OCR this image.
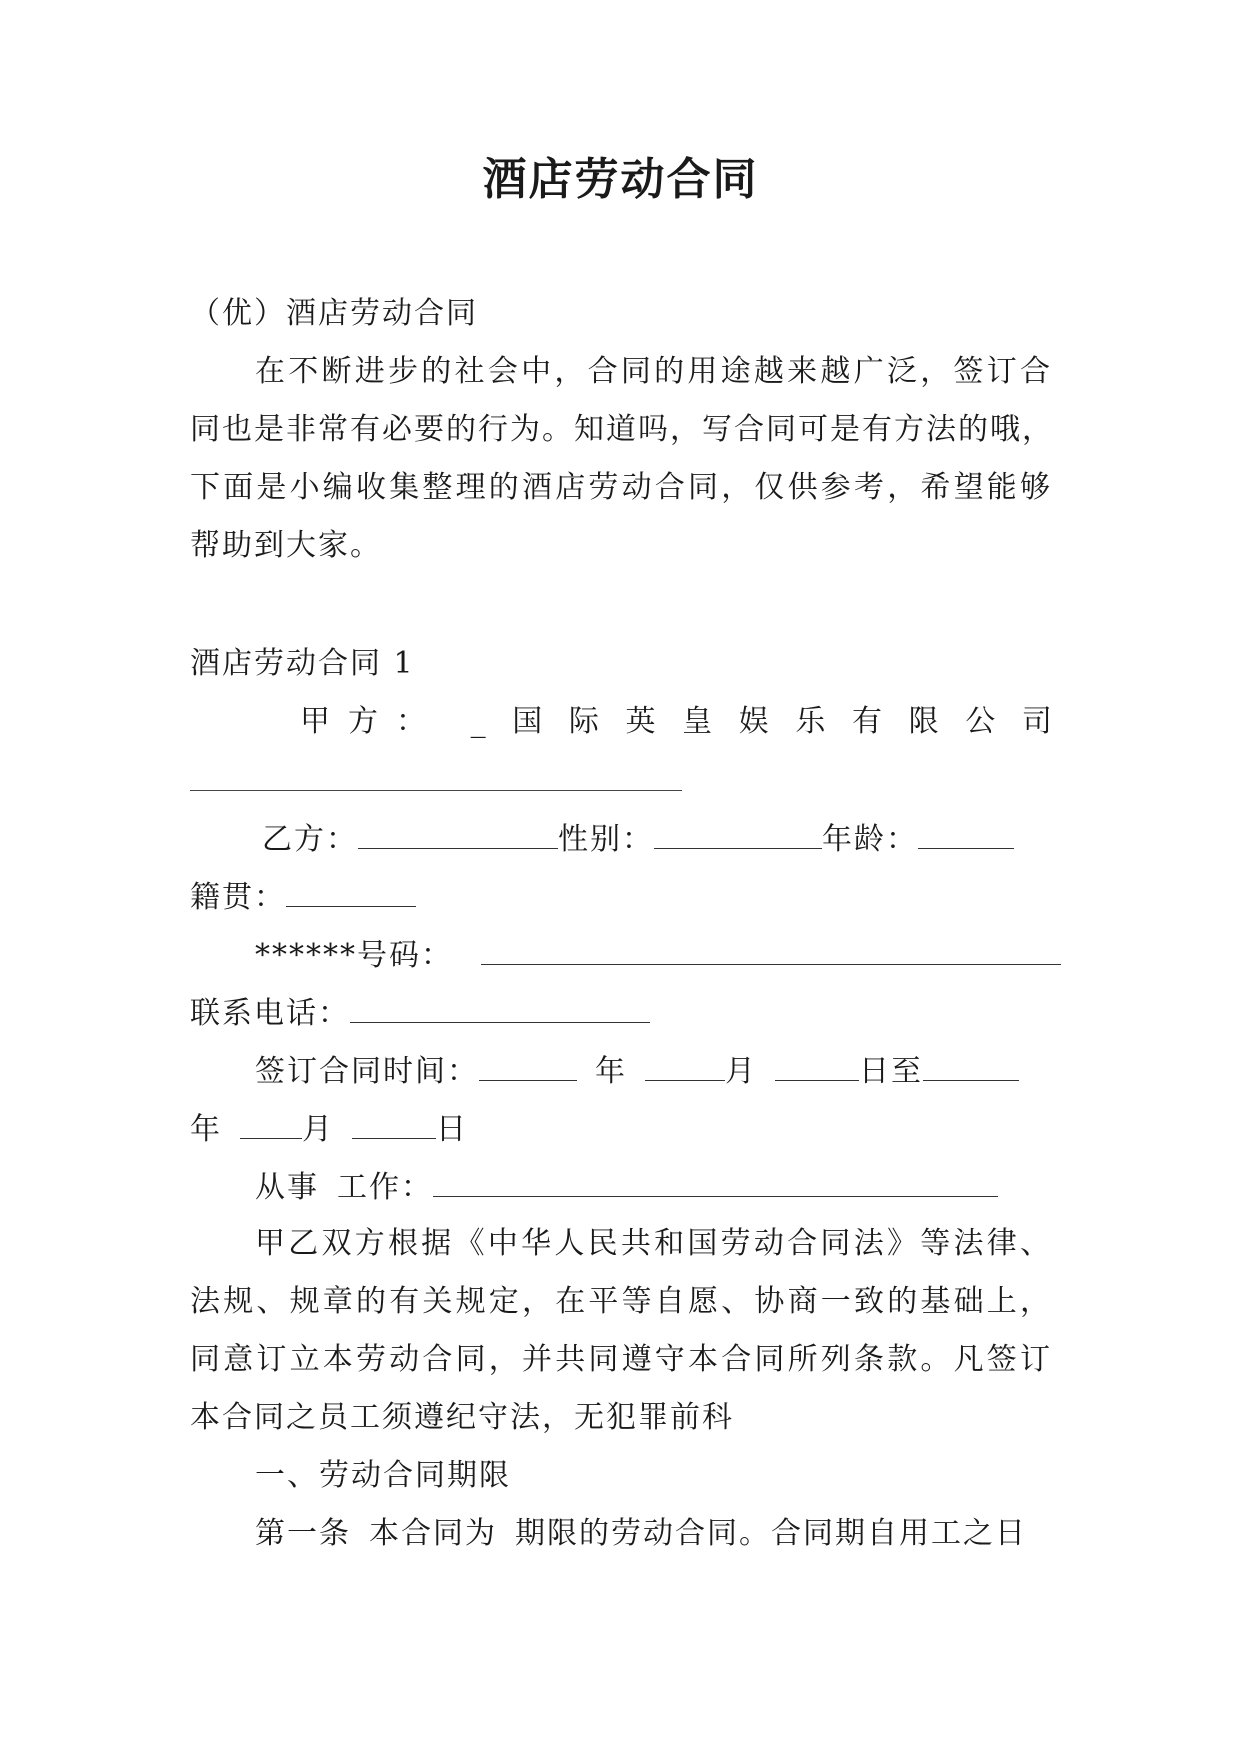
酒店劳动合同
（优）酒店劳动合同
在不断进步的社会中，合同的用途越来越广泛，签订合
同也是非常有必要的行为。知道吗，写合同可是有方法的哦，
下面是小编收集整理的酒店劳动合同，仅供参考，希望能够
帮助到大家。
酒店劳动合同 1
甲方： _ 国 际 英 皇 娱 乐 有 限 公 司
乙方：	性别：	年龄：
籍贯：
******号码：
联系电话：
签订合同时间：	年	月	日至
年	月	日
从事 工作：
甲乙双方根据《中华人民共和国劳动合同法》等法律、
法规、规章的有关规定，在平等自愿、协商一致的基础上，
同意订立本劳动合同，并共同遵守本合同所列条款。凡签订
本合同之员工须遵纪守法，无犯罪前科
一、劳动合同期限
第一条 本合同为 期限的劳动合同。合同期自用工之日
